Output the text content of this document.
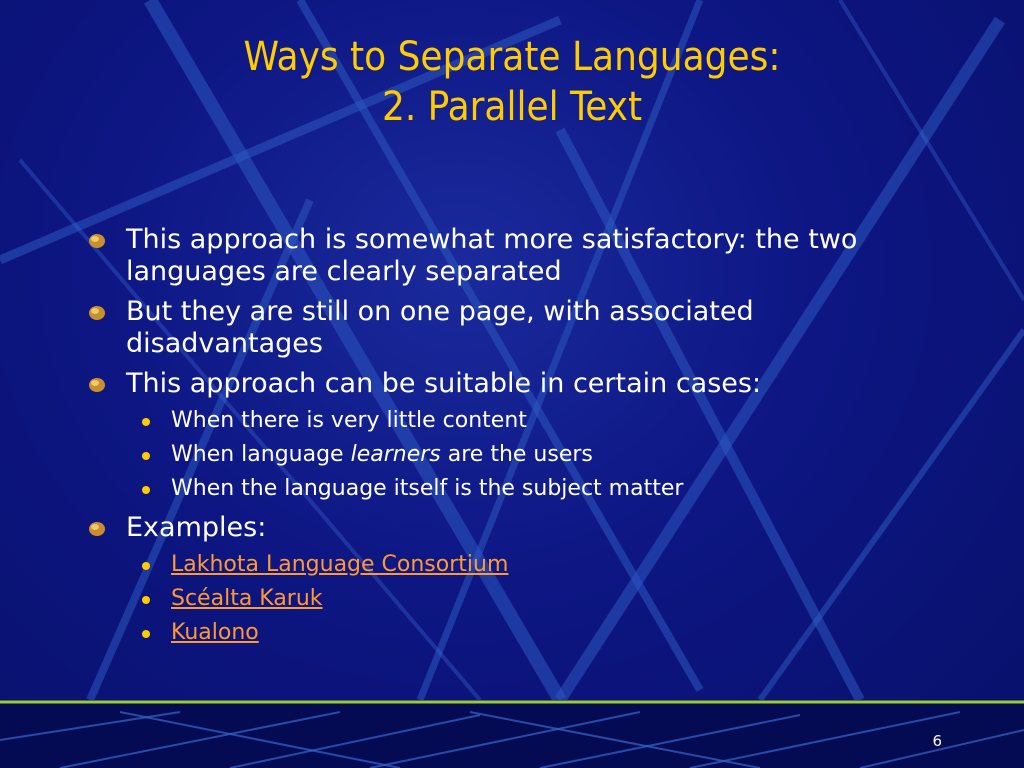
Ways to Separate Languages:
2. Parallel Text
This approach is somewhat more satisfactory: the two languages are clearly separated
But they are still on one page, with associated disadvantages
This approach can be suitable in certain cases:
When there is very little content
When language learners are the users
When the language itself is the subject matter
Examples:
Lakhota Language Consortium
Scéalta Karuk
Kualono
6
